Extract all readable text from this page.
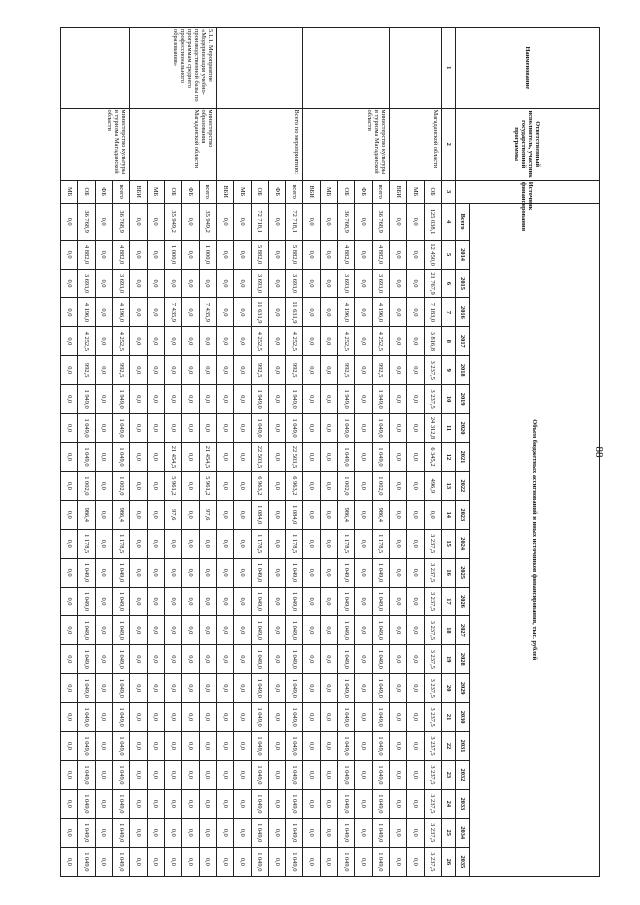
88
Наименование	Ответственный исполнитель, участник государственной программы	Источник финансирования	Объем бюджетных ассигнований и иных источников финансирования, тыс. рублей																						
			Всего	2014	2015	2016	2017	2018	2019	2020	2021	2022	2023	2024	2025	2026	2027	2028	2029	2030	2031	2032	2033	2034	2035
1	2	3	4	5	6	7	8	9	10	11	12	13	14	15	16	17	18	19	20	21	22	23	24	25	26
	Магаданской области	ОБ	125 038,1	12 450,0	21 767,9	7 183,0	3 816,8	3 237,5	3 237,5	24 312,8	6 345,2	496,9	0,0	3 237,5	3 237,5	3 237,5	3 237,5	3 237,5	3 237,5	3 237,5	3 237,5	3 237,5	3 237,5	3 237,5	3 237,5
		МБ	0,0	0,0	0,0	0,0	0,0	0,0	0,0	0,0	0,0	0,0	0,0	0,0	0,0	0,0	0,0	0,0	0,0	0,0	0,0	0,0	0,0	0,0	0,0
		ВБИ	0,0	0,0	0,0	0,0	0,0	0,0	0,0	0,0	0,0	0,0	0,0	0,0	0,0	0,0	0,0	0,0	0,0	0,0	0,0	0,0	0,0	0,0	0,0
	министерство культуры и туризма Магаданской области	всего	36 768,9	4 882,0	3 693,0	4 196,0	4 252,5	992,5	1 949,0	1 049,0	1 049,0	1 002,0	986,4	1 178,5	1 049,0	1 049,0	1 049,0	1 049,0	1 049,0	1 049,0	1 049,0	1 049,0	1 049,0	1 049,0	1 049,0
		ФБ	0,0	0,0	0,0	0,0	0,0	0,0	0,0	0,0	0,0	0,0	0,0	0,0	0,0	0,0	0,0	0,0	0,0	0,0	0,0	0,0	0,0	0,0	0,0
		ОБ	36 768,9	4 882,0	3 693,0	4 196,0	4 252,5	992,5	1 949,0	1 049,0	1 049,0	1 002,0	986,4	1 178,5	1 049,0	1 049,0	1 049,0	1 049,0	1 049,0	1 049,0	1 049,0	1 049,0	1 049,0	1 049,0	1 049,0
		МБ	0,0	0,0	0,0	0,0	0,0	0,0	0,0	0,0	0,0	0,0	0,0	0,0	0,0	0,0	0,0	0,0	0,0	0,0	0,0	0,0	0,0	0,0	0,0
		ВБИ	0,0	0,0	0,0	0,0	0,0	0,0	0,0	0,0	0,0	0,0	0,0	0,0	0,0	0,0	0,0	0,0	0,0	0,0	0,0	0,0	0,0	0,0	0,0
	Всего по мероприятию:	всего	72 718,1	5 882,0	3 693,0	11 631,9	4 252,5	992,5	1 949,0	1 049,0	22 503,5	6 963,2	1 084,0	1 178,5	1 049,0	1 049,0	1 049,0	1 049,0	1 049,0	1 049,0	1 049,0	1 049,0	1 049,0	1 049,0	1 049,0
		ФБ	0,0	0,0	0,0	0,0	0,0	0,0	0,0	0,0	0,0	0,0	0,0	0,0	0,0	0,0	0,0	0,0	0,0	0,0	0,0	0,0	0,0	0,0	0,0
		ОБ	72 718,1	5 882,0	3 693,0	11 631,9	4 252,5	992,5	1 949,0	1 049,0	22 503,5	6 963,2	1 084,0	1 178,5	1 049,0	1 049,0	1 049,0	1 049,0	1 049,0	1 049,0	1 049,0	1 049,0	1 049,0	1 049,0	1 049,0
		МБ	0,0	0,0	0,0	0,0	0,0	0,0	0,0	0,0	0,0	0,0	0,0	0,0	0,0	0,0	0,0	0,0	0,0	0,0	0,0	0,0	0,0	0,0	0,0
		ВБИ	0,0	0,0	0,0	0,0	0,0	0,0	0,0	0,0	0,0	0,0	0,0	0,0	0,0	0,0	0,0	0,0	0,0	0,0	0,0	0,0	0,0	0,0	0,0
5.1.1. Мероприятие «Модернизация учебно-производственной базы по программам среднего профессионального образования»	министерство образования Магаданской области	всего	35 949,2	1 000,0	0,0	7 435,9	0,0	0,0	0,0	0,0	21 454,5	5 961,2	97,6	0,0	0,0	0,0	0,0	0,0	0,0	0,0	0,0	0,0	0,0	0,0	0,0
		ФБ	0,0	0,0	0,0	0,0	0,0	0,0	0,0	0,0	0,0	0,0	0,0	0,0	0,0	0,0	0,0	0,0	0,0	0,0	0,0	0,0	0,0	0,0	0,0
		ОБ	35 949,2	1 000,0	0,0	7 435,9	0,0	0,0	0,0	0,0	21 454,5	5 961,2	97,6	0,0	0,0	0,0	0,0	0,0	0,0	0,0	0,0	0,0	0,0	0,0	0,0
		МБ	0,0	0,0	0,0	0,0	0,0	0,0	0,0	0,0	0,0	0,0	0,0	0,0	0,0	0,0	0,0	0,0	0,0	0,0	0,0	0,0	0,0	0,0	0,0
		ВБИ	0,0	0,0	0,0	0,0	0,0	0,0	0,0	0,0	0,0	0,0	0,0	0,0	0,0	0,0	0,0	0,0	0,0	0,0	0,0	0,0	0,0	0,0	0,0
	министерство культуры и туризма Магаданской области	всего	36 768,9	4 882,0	3 693,0	4 196,0	4 252,5	992,5	1 949,0	1 049,0	1 049,0	1 002,0	986,4	1 178,5	1 049,0	1 049,0	1 049,0	1 049,0	1 049,0	1 049,0	1 049,0	1 049,0	1 049,0	1 049,0	1 049,0
		ФБ	0,0	0,0	0,0	0,0	0,0	0,0	0,0	0,0	0,0	0,0	0,0	0,0	0,0	0,0	0,0	0,0	0,0	0,0	0,0	0,0	0,0	0,0	0,0
		ОБ	36 768,9	4 882,0	3 693,0	4 196,0	4 252,5	992,5	1 949,0	1 049,0	1 049,0	1 002,0	986,4	1 178,5	1 049,0	1 049,0	1 049,0	1 049,0	1 049,0	1 049,0	1 049,0	1 049,0	1 049,0	1 049,0	1 049,0
		МБ	0,0	0,0	0,0	0,0	0,0	0,0	0,0	0,0	0,0	0,0	0,0	0,0	0,0	0,0	0,0	0,0	0,0	0,0	0,0	0,0	0,0	0,0	0,0
